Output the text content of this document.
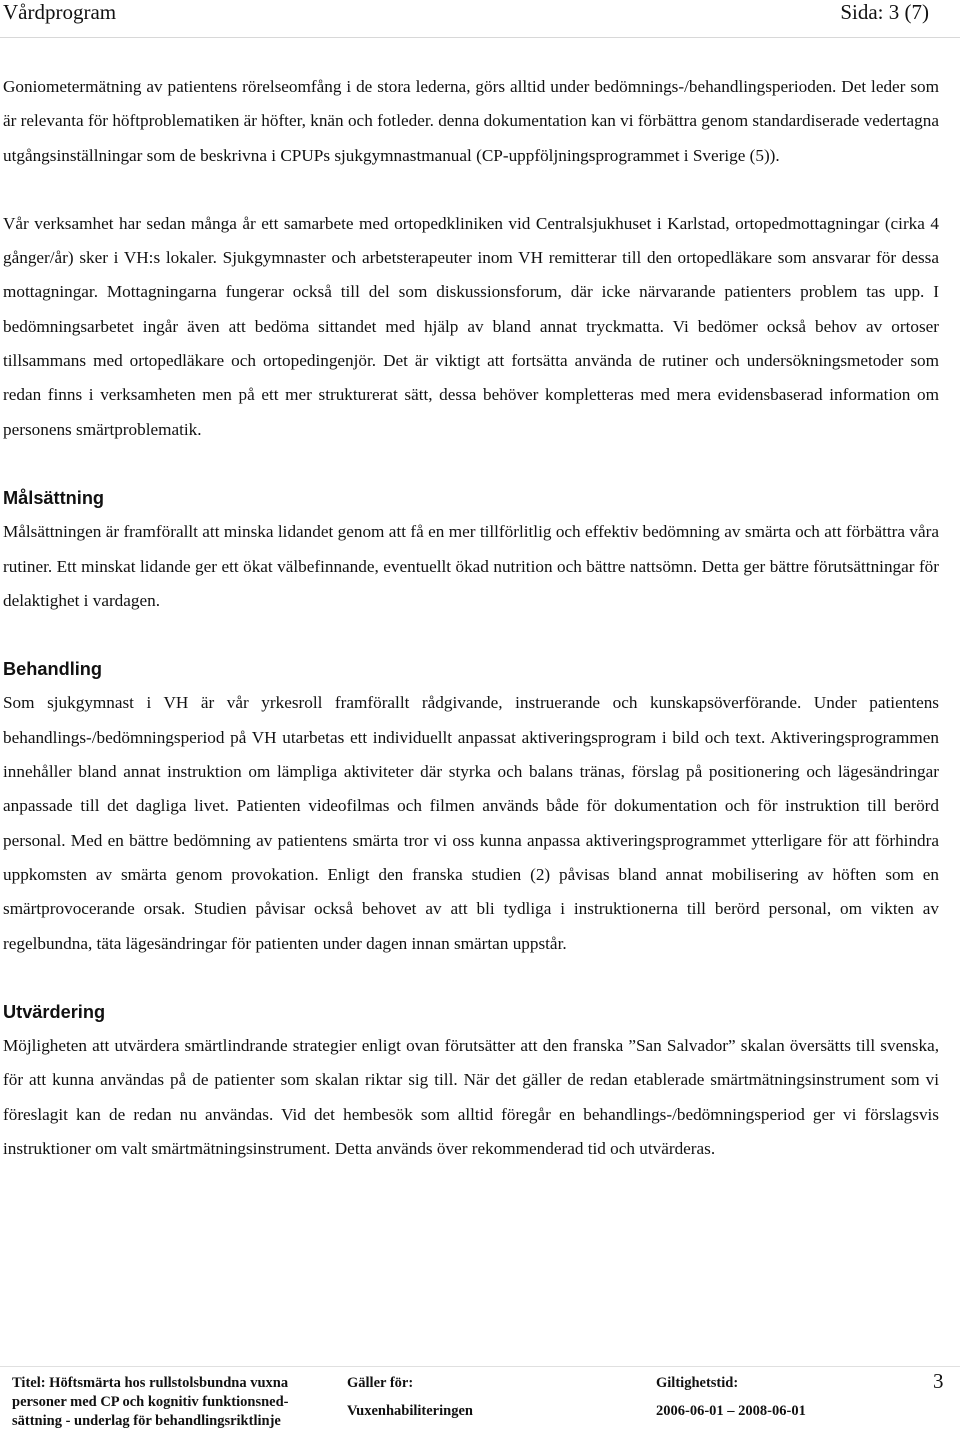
Vårdprogram	Sida: 3 (7)

Goniometermätning av patientens rörelseomfång i de stora lederna, görs alltid under bedömnings-/behandlingsperioden. Det leder som är relevanta för höftproblematiken är höfter, knän och fotleder. denna dokumentation kan vi förbättra genom standardiserade vedertagna utgångsinställningar som de beskrivna i CPUPs sjukgymnastmanual (CP-uppföljningsprogrammet i Sverige (5)).

Vår verksamhet har sedan många år ett samarbete med ortopedkliniken vid Centralsjukhuset i Karlstad, ortopedmottagningar (cirka 4 gånger/år) sker i VH:s lokaler. Sjukgymnaster och arbetsterapeuter inom VH remitterar till den ortopedläkare som ansvarar för dessa mottagningar. Mottagningarna fungerar också till del som diskussionsforum, där icke närvarande patienters problem tas upp. I bedömningsarbetet ingår även att bedöma sittandet med hjälp av bland annat tryckmatta. Vi bedömer också behov av ortoser tillsammans med ortopedläkare och ortopedingenjör. Det är viktigt att fortsätta använda de rutiner och undersökningsmetoder som redan finns i verksamheten men på ett mer strukturerat sätt, dessa behöver kompletteras med mera evidensbaserad information om personens smärtproblematik.

Målsättning

Målsättningen är framförallt att minska lidandet genom att få en mer tillförlitlig och effektiv bedömning av smärta och att förbättra våra rutiner. Ett minskat lidande ger ett ökat välbefinnande, eventuellt ökad nutrition och bättre nattsömn. Detta ger bättre förutsättningar för delaktighet i vardagen.

Behandling

Som sjukgymnast i VH är vår yrkesroll framförallt rådgivande, instruerande och kunskapsöverförande. Under patientens behandlings-/bedömningsperiod på VH utarbetas ett individuellt anpassat aktiveringsprogram i bild och text. Aktiveringsprogrammen innehåller bland annat instruktion om lämpliga aktiviteter där styrka och balans tränas, förslag på positionering och lägesändringar anpassade till det dagliga livet. Patienten videofilmas och filmen används både för dokumentation och för instruktion till berörd personal. Med en bättre bedömning av patientens smärta tror vi oss kunna anpassa aktiveringsprogrammet ytterligare för att förhindra uppkomsten av smärta genom provokation. Enligt den franska studien (2) påvisas bland annat mobilisering av höften som en smärtprovocerande orsak. Studien påvisar också behovet av att bli tydliga i instruktionerna till berörd personal, om vikten av regelbundna, täta lägesändringar för patienten under dagen innan smärtan uppstår.

Utvärdering

Möjligheten att utvärdera smärtlindrande strategier enligt ovan förutsätter att den franska ”San Salvador” skalan översätts till svenska, för att kunna användas på de patienter som skalan riktar sig till. När det gäller de redan etablerade smärtmätningsinstrument som vi föreslagit kan de redan nu användas. Vid det hembesök som alltid föregår en behandlings-/bedömningsperiod ger vi förslagsvis instruktioner om valt smärtmätningsinstrument. Detta används över rekommenderad tid och utvärderas.

Titel: Höftsmärta hos rullstolsbundna vuxna
personer med CP och kognitiv funktionsned-
sättning - underlag för behandlingsriktlinje
Gäller för:
Vuxenhabiliteringen
Giltighetstid:
2006-06-01 – 2008-06-01
3
